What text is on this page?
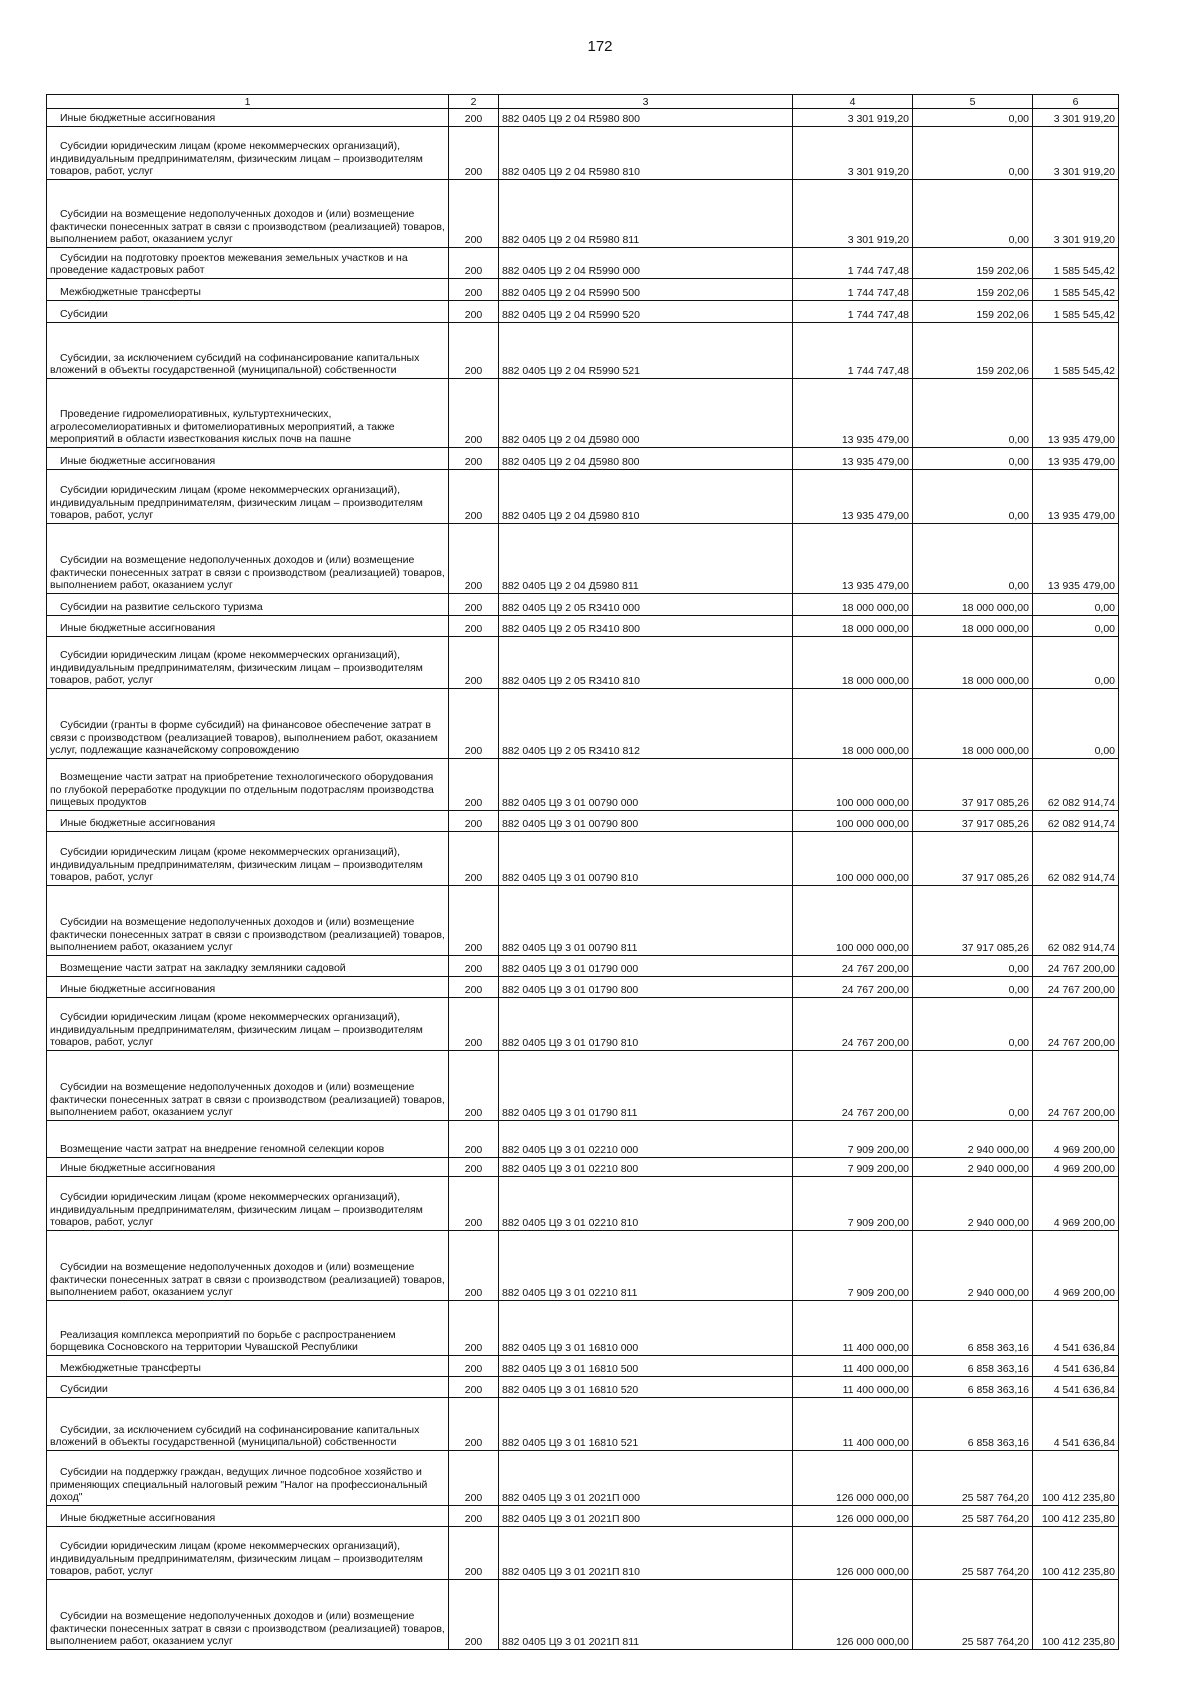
172
1	2	3	4	5	6
Иные бюджетные ассигнования	200	882 0405 Ц9 2 04 R5980 800	3 301 919,20	0,00	3 301 919,20
Субсидии юридическим лицам (кроме некоммерческих организаций), индивидуальным предпринимателям, физическим лицам – производителям товаров, работ, услуг	200	882 0405 Ц9 2 04 R5980 810	3 301 919,20	0,00	3 301 919,20
Субсидии на возмещение недополученных доходов и (или) возмещение фактически понесенных затрат в связи с производством (реализацией) товаров, выполнением работ, оказанием услуг	200	882 0405 Ц9 2 04 R5980 811	3 301 919,20	0,00	3 301 919,20
Субсидии на подготовку проектов межевания земельных участков и на проведение кадастровых работ	200	882 0405 Ц9 2 04 R5990 000	1 744 747,48	159 202,06	1 585 545,42
Межбюджетные трансферты	200	882 0405 Ц9 2 04 R5990 500	1 744 747,48	159 202,06	1 585 545,42
Субсидии	200	882 0405 Ц9 2 04 R5990 520	1 744 747,48	159 202,06	1 585 545,42
Субсидии, за исключением субсидий на софинансирование капитальных вложений в объекты государственной (муниципальной) собственности	200	882 0405 Ц9 2 04 R5990 521	1 744 747,48	159 202,06	1 585 545,42
Проведение гидромелиоративных, культуртехнических, агролесомелиоративных и фитомелиоративных мероприятий, а также мероприятий в области известкования кислых почв на пашне	200	882 0405 Ц9 2 04 Д5980 000	13 935 479,00	0,00	13 935 479,00
Иные бюджетные ассигнования	200	882 0405 Ц9 2 04 Д5980 800	13 935 479,00	0,00	13 935 479,00
Субсидии юридическим лицам (кроме некоммерческих организаций), индивидуальным предпринимателям, физическим лицам – производителям товаров, работ, услуг	200	882 0405 Ц9 2 04 Д5980 810	13 935 479,00	0,00	13 935 479,00
Субсидии на возмещение недополученных доходов и (или) возмещение фактически понесенных затрат в связи с производством (реализацией) товаров, выполнением работ, оказанием услуг	200	882 0405 Ц9 2 04 Д5980 811	13 935 479,00	0,00	13 935 479,00
Субсидии на развитие сельского туризма	200	882 0405 Ц9 2 05 R3410 000	18 000 000,00	18 000 000,00	0,00
Иные бюджетные ассигнования	200	882 0405 Ц9 2 05 R3410 800	18 000 000,00	18 000 000,00	0,00
Субсидии юридическим лицам (кроме некоммерческих организаций), индивидуальным предпринимателям, физическим лицам – производителям товаров, работ, услуг	200	882 0405 Ц9 2 05 R3410 810	18 000 000,00	18 000 000,00	0,00
Субсидии (гранты в форме субсидий) на финансовое обеспечение затрат в связи с производством (реализацией товаров), выполнением работ, оказанием услуг, подлежащие казначейскому сопровождению	200	882 0405 Ц9 2 05 R3410 812	18 000 000,00	18 000 000,00	0,00
Возмещение части затрат на приобретение технологического оборудования по глубокой переработке продукции по отдельным подотраслям производства пищевых продуктов	200	882 0405 Ц9 3 01 00790 000	100 000 000,00	37 917 085,26	62 082 914,74
Иные бюджетные ассигнования	200	882 0405 Ц9 3 01 00790 800	100 000 000,00	37 917 085,26	62 082 914,74
Субсидии юридическим лицам (кроме некоммерческих организаций), индивидуальным предпринимателям, физическим лицам – производителям товаров, работ, услуг	200	882 0405 Ц9 3 01 00790 810	100 000 000,00	37 917 085,26	62 082 914,74
Субсидии на возмещение недополученных доходов и (или) возмещение фактически понесенных затрат в связи с производством (реализацией) товаров, выполнением работ, оказанием услуг	200	882 0405 Ц9 3 01 00790 811	100 000 000,00	37 917 085,26	62 082 914,74
Возмещение части затрат на закладку земляники садовой	200	882 0405 Ц9 3 01 01790 000	24 767 200,00	0,00	24 767 200,00
Иные бюджетные ассигнования	200	882 0405 Ц9 3 01 01790 800	24 767 200,00	0,00	24 767 200,00
Субсидии юридическим лицам (кроме некоммерческих организаций), индивидуальным предпринимателям, физическим лицам – производителям товаров, работ, услуг	200	882 0405 Ц9 3 01 01790 810	24 767 200,00	0,00	24 767 200,00
Субсидии на возмещение недополученных доходов и (или) возмещение фактически понесенных затрат в связи с производством (реализацией) товаров, выполнением работ, оказанием услуг	200	882 0405 Ц9 3 01 01790 811	24 767 200,00	0,00	24 767 200,00
Возмещение части затрат на внедрение геномной селекции коров	200	882 0405 Ц9 3 01 02210 000	7 909 200,00	2 940 000,00	4 969 200,00
Иные бюджетные ассигнования	200	882 0405 Ц9 3 01 02210 800	7 909 200,00	2 940 000,00	4 969 200,00
Субсидии юридическим лицам (кроме некоммерческих организаций), индивидуальным предпринимателям, физическим лицам – производителям товаров, работ, услуг	200	882 0405 Ц9 3 01 02210 810	7 909 200,00	2 940 000,00	4 969 200,00
Субсидии на возмещение недополученных доходов и (или) возмещение фактически понесенных затрат в связи с производством (реализацией) товаров, выполнением работ, оказанием услуг	200	882 0405 Ц9 3 01 02210 811	7 909 200,00	2 940 000,00	4 969 200,00
Реализация комплекса мероприятий по борьбе с распространением борщевика Сосновского на территории Чувашской Республики	200	882 0405 Ц9 3 01 16810 000	11 400 000,00	6 858 363,16	4 541 636,84
Межбюджетные трансферты	200	882 0405 Ц9 3 01 16810 500	11 400 000,00	6 858 363,16	4 541 636,84
Субсидии	200	882 0405 Ц9 3 01 16810 520	11 400 000,00	6 858 363,16	4 541 636,84
Субсидии, за исключением субсидий на софинансирование капитальных вложений в объекты государственной (муниципальной) собственности	200	882 0405 Ц9 3 01 16810 521	11 400 000,00	6 858 363,16	4 541 636,84
Субсидии на поддержку граждан, ведущих личное подсобное хозяйство и применяющих специальный налоговый режим "Налог на профессиональный доход"	200	882 0405 Ц9 3 01 2021П 000	126 000 000,00	25 587 764,20	100 412 235,80
Иные бюджетные ассигнования	200	882 0405 Ц9 3 01 2021П 800	126 000 000,00	25 587 764,20	100 412 235,80
Субсидии юридическим лицам (кроме некоммерческих организаций), индивидуальным предпринимателям, физическим лицам – производителям товаров, работ, услуг	200	882 0405 Ц9 3 01 2021П 810	126 000 000,00	25 587 764,20	100 412 235,80
Субсидии на возмещение недополученных доходов и (или) возмещение фактически понесенных затрат в связи с производством (реализацией) товаров, выполнением работ, оказанием услуг	200	882 0405 Ц9 3 01 2021П 811	126 000 000,00	25 587 764,20	100 412 235,80
